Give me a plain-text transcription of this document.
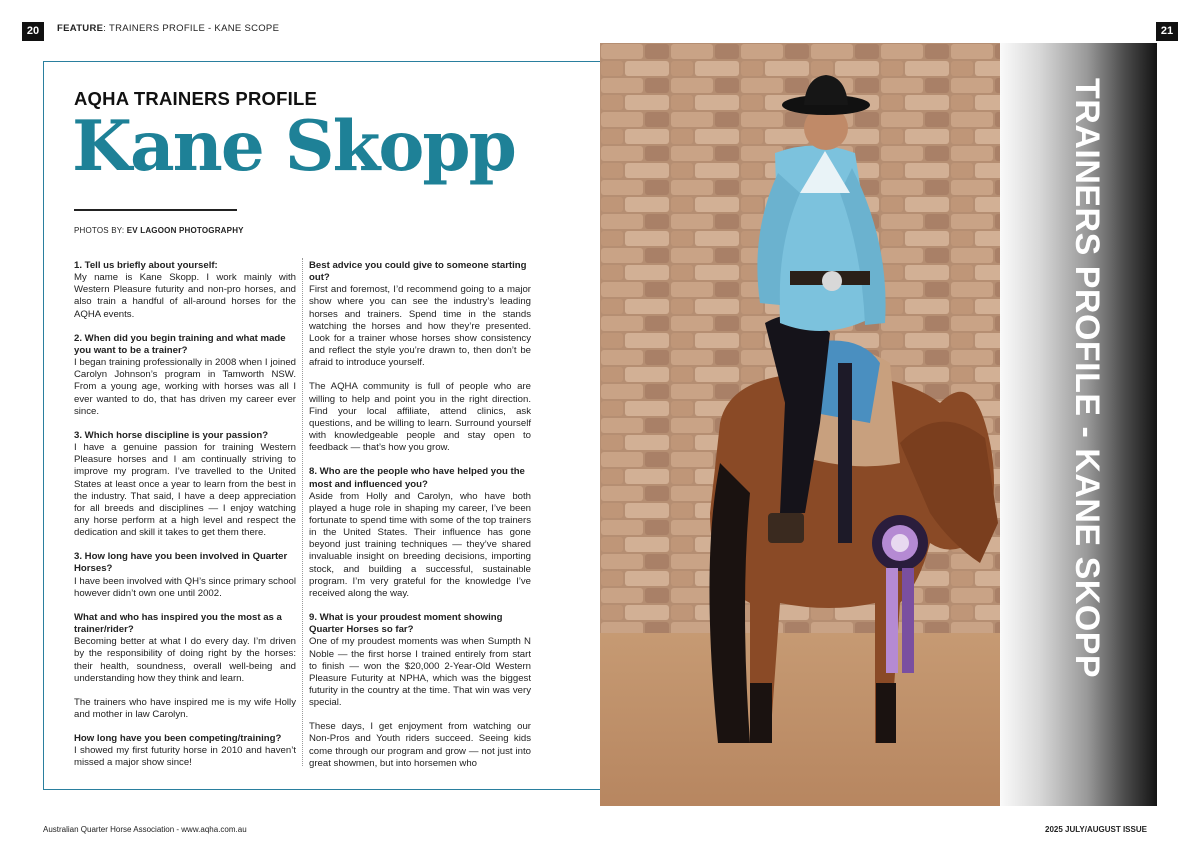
20	21
FEATURE: TRAINERS PROFILE - KANE SCOPE
AQHA TRAINERS PROFILE
Kane Skopp
PHOTOS BY: EV LAGOON PHOTOGRAPHY

1. Tell us briefly about yourself:

My name is Kane Skopp. I work mainly with Western Pleasure futurity and non-pro horses, and also train a handful of all-around horses for the AQHA events.

2. When did you begin training and what made you want to be a trainer?

I began training professionally in 2008 when I joined Carolyn Johnson’s program in Tamworth NSW. From a young age, working with horses was all I ever wanted to do, that has driven my career ever since.

3. Which horse discipline is your passion?

I have a genuine passion for training Western Pleasure horses and I am continually striving to improve my program. I’ve travelled to the United States at least once a year to learn from the best in the industry. That said, I have a deep appreciation for all breeds and disciplines — I enjoy watching any horse perform at a high level and respect the dedication and skill it takes to get them there.

3. How long have you been involved in Quarter Horses?

I have been involved with QH’s since primary school however didn’t own one until 2002.

What and who has inspired you the most as a trainer/rider?

Becoming better at what I do every day. I’m driven by the responsibility of doing right by the horses: their health, soundness, overall well-being and understanding how they think and learn.

The trainers who have inspired me is my wife Holly and mother in law Carolyn.

How long have you been competing/training?

I showed my first futurity horse in 2010 and haven’t missed a major show since!

Best advice you could give to someone starting out?

First and foremost, I’d recommend going to a major show where you can see the industry’s leading horses and trainers. Spend time in the stands watching the horses and how they’re presented. Look for a trainer whose horses show consistency and reflect the style you’re drawn to, then don’t be afraid to introduce yourself.

The AQHA community is full of people who are willing to help and point you in the right direction. Find your local affiliate, attend clinics, ask questions, and be willing to learn. Surround yourself with knowledgeable people and stay open to feedback — that’s how you grow.

8. Who are the people who have helped you the most and influenced you?

Aside from Holly and Carolyn, who have both played a huge role in shaping my career, I’ve been fortunate to spend time with some of the top trainers in the United States. Their influence has gone beyond just training techniques — they’ve shared invaluable insight on breeding decisions, importing stock, and building a successful, sustainable program. I’m very grateful for the knowledge I’ve received along the way.

9. What is your proudest moment showing Quarter Horses so far?

One of my proudest moments was when Sumpth N Noble — the first horse I trained entirely from start to finish — won the $20,000 2-Year-Old Western Pleasure Futurity at NPHA, which was the biggest futurity in the country at the time. That win was very special.

These days, I get enjoyment from watching our Non-Pros and Youth riders succeed. Seeing kids come through our program and grow — not just into great showmen, but into horsemen who

TRAINERS PROFILE - KANE SKOPP
Australian Quarter Horse Association - www.aqha.com.au	2025 JULY/AUGUST ISSUE
